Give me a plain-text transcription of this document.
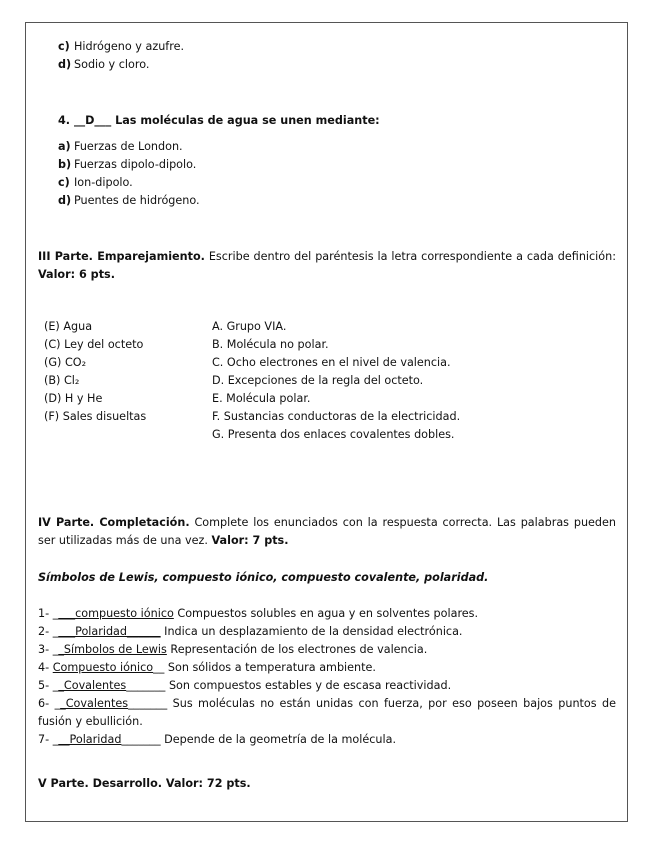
c) Hidrógeno y azufre.
d) Sodio y cloro.
4. __D___ Las moléculas de agua se unen mediante:
a) Fuerzas de London.
b) Fuerzas dipolo-dipolo.
c) Ion-dipolo.
d) Puentes de hidrógeno.
III Parte. Emparejamiento. Escribe dentro del paréntesis la letra correspondiente a cada definición: Valor: 6 pts.
(E) Agua
(C) Ley del octeto
(G) CO₂
(B) Cl₂
(D) H y He
(F) Sales disueltas
A. Grupo VIA.
B. Molécula no polar.
C. Ocho electrones en el nivel de valencia.
D. Excepciones de la regla del octeto.
E. Molécula polar.
F. Sustancias conductoras de la electricidad.
G. Presenta dos enlaces covalentes dobles.
IV Parte. Completación. Complete los enunciados con la respuesta correcta. Las palabras pueden ser utilizadas más de una vez. Valor: 7 pts.
Símbolos de Lewis, compuesto iónico, compuesto covalente, polaridad.
1- ____compuesto iónico Compuestos solubles en agua y en solventes polares.
2- ____Polaridad______ Indica un desplazamiento de la densidad electrónica.
3- __Símbolos de Lewis Representación de los electrones de valencia.
4- Compuesto iónico__ Son sólidos a temperatura ambiente.
5- __Covalentes_______ Son compuestos estables y de escasa reactividad.
6- __Covalentes_______ Sus moléculas no están unidas con fuerza, por eso poseen bajos puntos de fusión y ebullición.
7- ___Polaridad_______ Depende de la geometría de la molécula.
V Parte. Desarrollo. Valor: 72 pts.
